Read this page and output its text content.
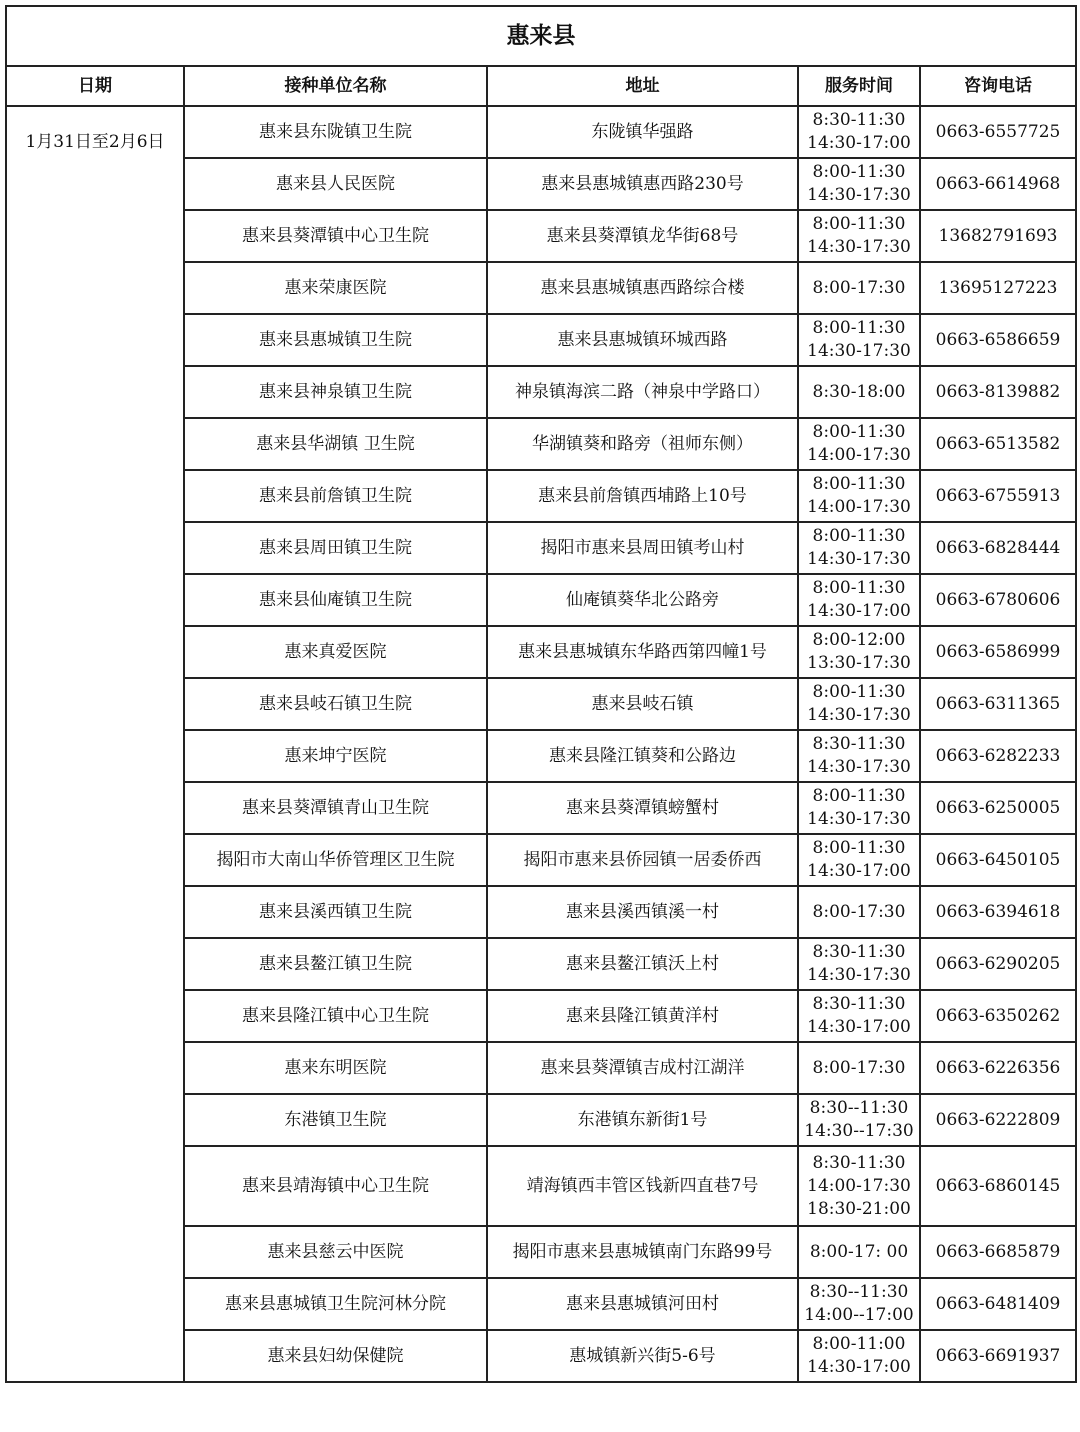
惠来县				
日期	接种单位名称	地址	服务时间	咨询电话
1月31日至2月6日	惠来县东陇镇卫生院	东陇镇华强路	8:30-11:30
14:30-17:00	0663-6557725
	惠来县人民医院	惠来县惠城镇惠西路230号	8:00-11:30
14:30-17:30	0663-6614968
	惠来县葵潭镇中心卫生院	惠来县葵潭镇龙华街68号	8:00-11:30
14:30-17:30	13682791693
	惠来荣康医院	惠来县惠城镇惠西路综合楼	8:00-17:30	13695127223
	惠来县惠城镇卫生院	惠来县惠城镇环城西路	8:00-11:30
14:30-17:30	0663-6586659
	惠来县神泉镇卫生院	神泉镇海滨二路（神泉中学路口）	8:30-18:00	0663-8139882
	惠来县华湖镇 卫生院	华湖镇葵和路旁（祖师东侧）	8:00-11:30
14:00-17:30	0663-6513582
	惠来县前詹镇卫生院	惠来县前詹镇西埔路上10号	8:00-11:30
14:00-17:30	0663-6755913
	惠来县周田镇卫生院	揭阳市惠来县周田镇考山村	8:00-11:30
14:30-17:30	0663-6828444
	惠来县仙庵镇卫生院	仙庵镇葵华北公路旁	8:00-11:30
14:30-17:00	0663-6780606
	惠来真爱医院	惠来县惠城镇东华路西第四幢1号	8:00-12:00
13:30-17:30	0663-6586999
	惠来县岐石镇卫生院	惠来县岐石镇	8:00-11:30
14:30-17:30	0663-6311365
	惠来坤宁医院	惠来县隆江镇葵和公路边	8:30-11:30
14:30-17:30	0663-6282233
	惠来县葵潭镇青山卫生院	惠来县葵潭镇螃蟹村	8:00-11:30
14:30-17:30	0663-6250005
	揭阳市大南山华侨管理区卫生院	揭阳市惠来县侨园镇一居委侨西	8:00-11:30
14:30-17:00	0663-6450105
	惠来县溪西镇卫生院	惠来县溪西镇溪一村	8:00-17:30	0663-6394618
	惠来县鳌江镇卫生院	惠来县鳌江镇沃上村	8:30-11:30
14:30-17:30	0663-6290205
	惠来县隆江镇中心卫生院	惠来县隆江镇黄洋村	8:30-11:30
14:30-17:00	0663-6350262
	惠来东明医院	惠来县葵潭镇吉成村江湖洋	8:00-17:30	0663-6226356
	东港镇卫生院	东港镇东新街1号	8:30--11:30
14:30--17:30	0663-6222809
	惠来县靖海镇中心卫生院	靖海镇西丰管区钱新四直巷7号	8:30-11:30
14:00-17:30
18:30-21:00	0663-6860145
	惠来县慈云中医院	揭阳市惠来县惠城镇南门东路99号	8:00-17: 00	0663-6685879
	惠来县惠城镇卫生院河林分院	惠来县惠城镇河田村	8:30--11:30
14:00--17:00	0663-6481409
	惠来县妇幼保健院	惠城镇新兴街5-6号	8:00-11:00
14:30-17:00	0663-6691937
